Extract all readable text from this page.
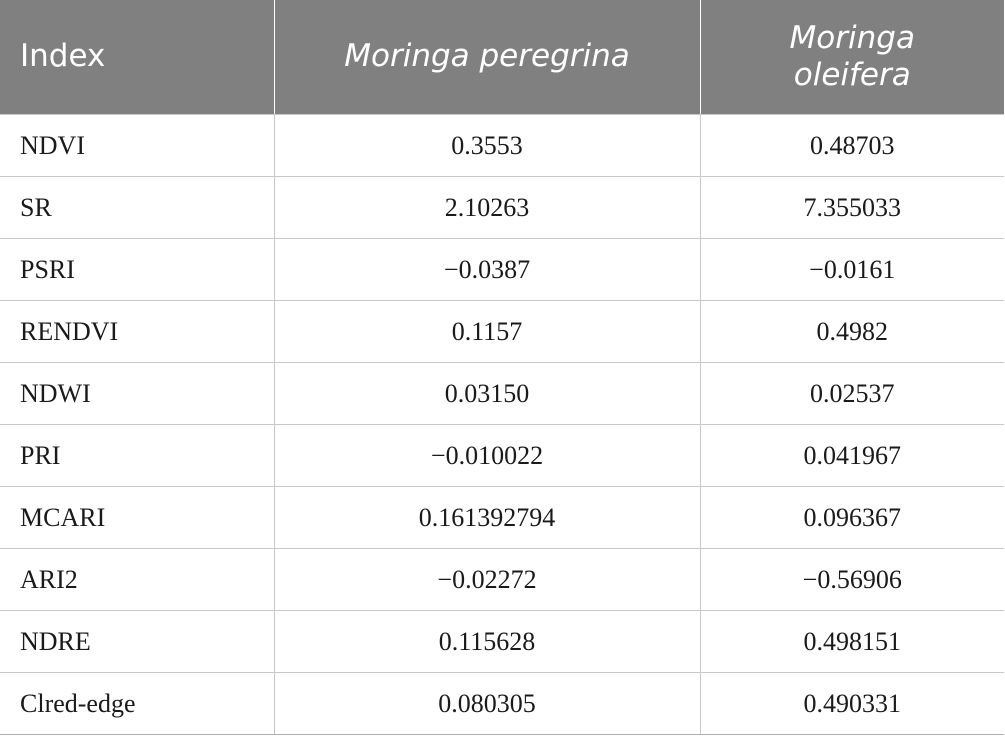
Index	Moringa peregrina	Moringa oleifera
NDVI	0.3553	0.48703
SR	2.10263	7.355033
PSRI	−0.0387	−0.0161
RENDVI	0.1157	0.4982
NDWI	0.03150	0.02537
PRI	−0.010022	0.041967
MCARI	0.161392794	0.096367
ARI2	−0.02272	−0.56906
NDRE	0.115628	0.498151
Clred-edge	0.080305	0.490331
